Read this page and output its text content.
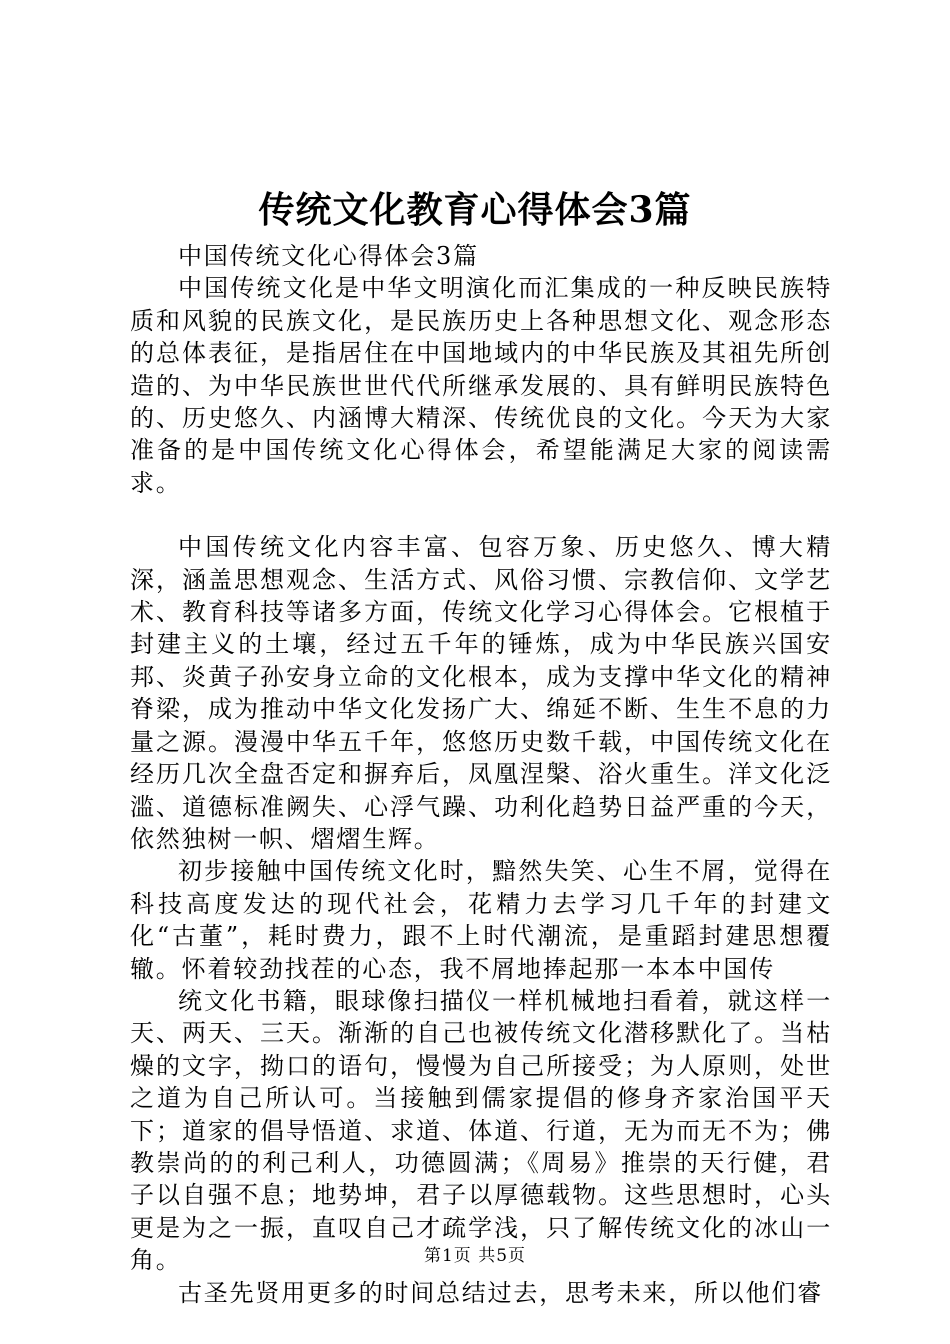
传统文化教育心得体会3篇

中国传统文化心得体会3篇

中国传统文化是中华文明演化而汇集成的一种反映民族特质和风貌的民族文化，是民族历史上各种思想文化、观念形态的总体表征，是指居住在中国地域内的中华民族及其祖先所创造的、为中华民族世世代代所继承发展的、具有鲜明民族特色的、历史悠久、内涵博大精深、传统优良的文化。今天为大家准备的是中国传统文化心得体会，希望能满足大家的阅读需求。

中国传统文化内容丰富、包容万象、历史悠久、博大精深，涵盖思想观念、生活方式、风俗习惯、宗教信仰、文学艺术、教育科技等诸多方面，传统文化学习心得体会。它根植于封建主义的土壤，经过五千年的锤炼，成为中华民族兴国安邦、炎黄子孙安身立命的文化根本，成为支撑中华文化的精神脊梁，成为推动中华文化发扬广大、绵延不断、生生不息的力量之源。漫漫中华五千年，悠悠历史数千载，中国传统文化在经历几次全盘否定和摒弃后，凤凰涅槃、浴火重生。洋文化泛滥、道德标准阙失、心浮气躁、功利化趋势日益严重的今天，依然独树一帜、熠熠生辉。

初步接触中国传统文化时，黯然失笑、心生不屑，觉得在科技高度发达的现代社会，花精力去学习几千年的封建文化“古董”，耗时费力，跟不上时代潮流，是重蹈封建思想覆辙。怀着较劲找茬的心态，我不屑地捧起那一本本中国传

统文化书籍，眼球像扫描仪一样机械地扫看着，就这样一天、两天、三天。渐渐的自己也被传统文化潜移默化了。当枯燥的文字，拗口的语句，慢慢为自己所接受；为人原则，处世之道为自己所认可。当接触到儒家提倡的修身齐家治国平天下；道家的倡导悟道、求道、体道、行道，无为而无不为；佛教崇尚的的利己利人，功德圆满；《周易》推崇的天行健，君子以自强不息；地势坤，君子以厚德载物。这些思想时，心头更是为之一振，直叹自己才疏学浅，只了解传统文化的冰山一角。

古圣先贤用更多的时间总结过去，思考未来，所以他们睿

第1页 共5页
